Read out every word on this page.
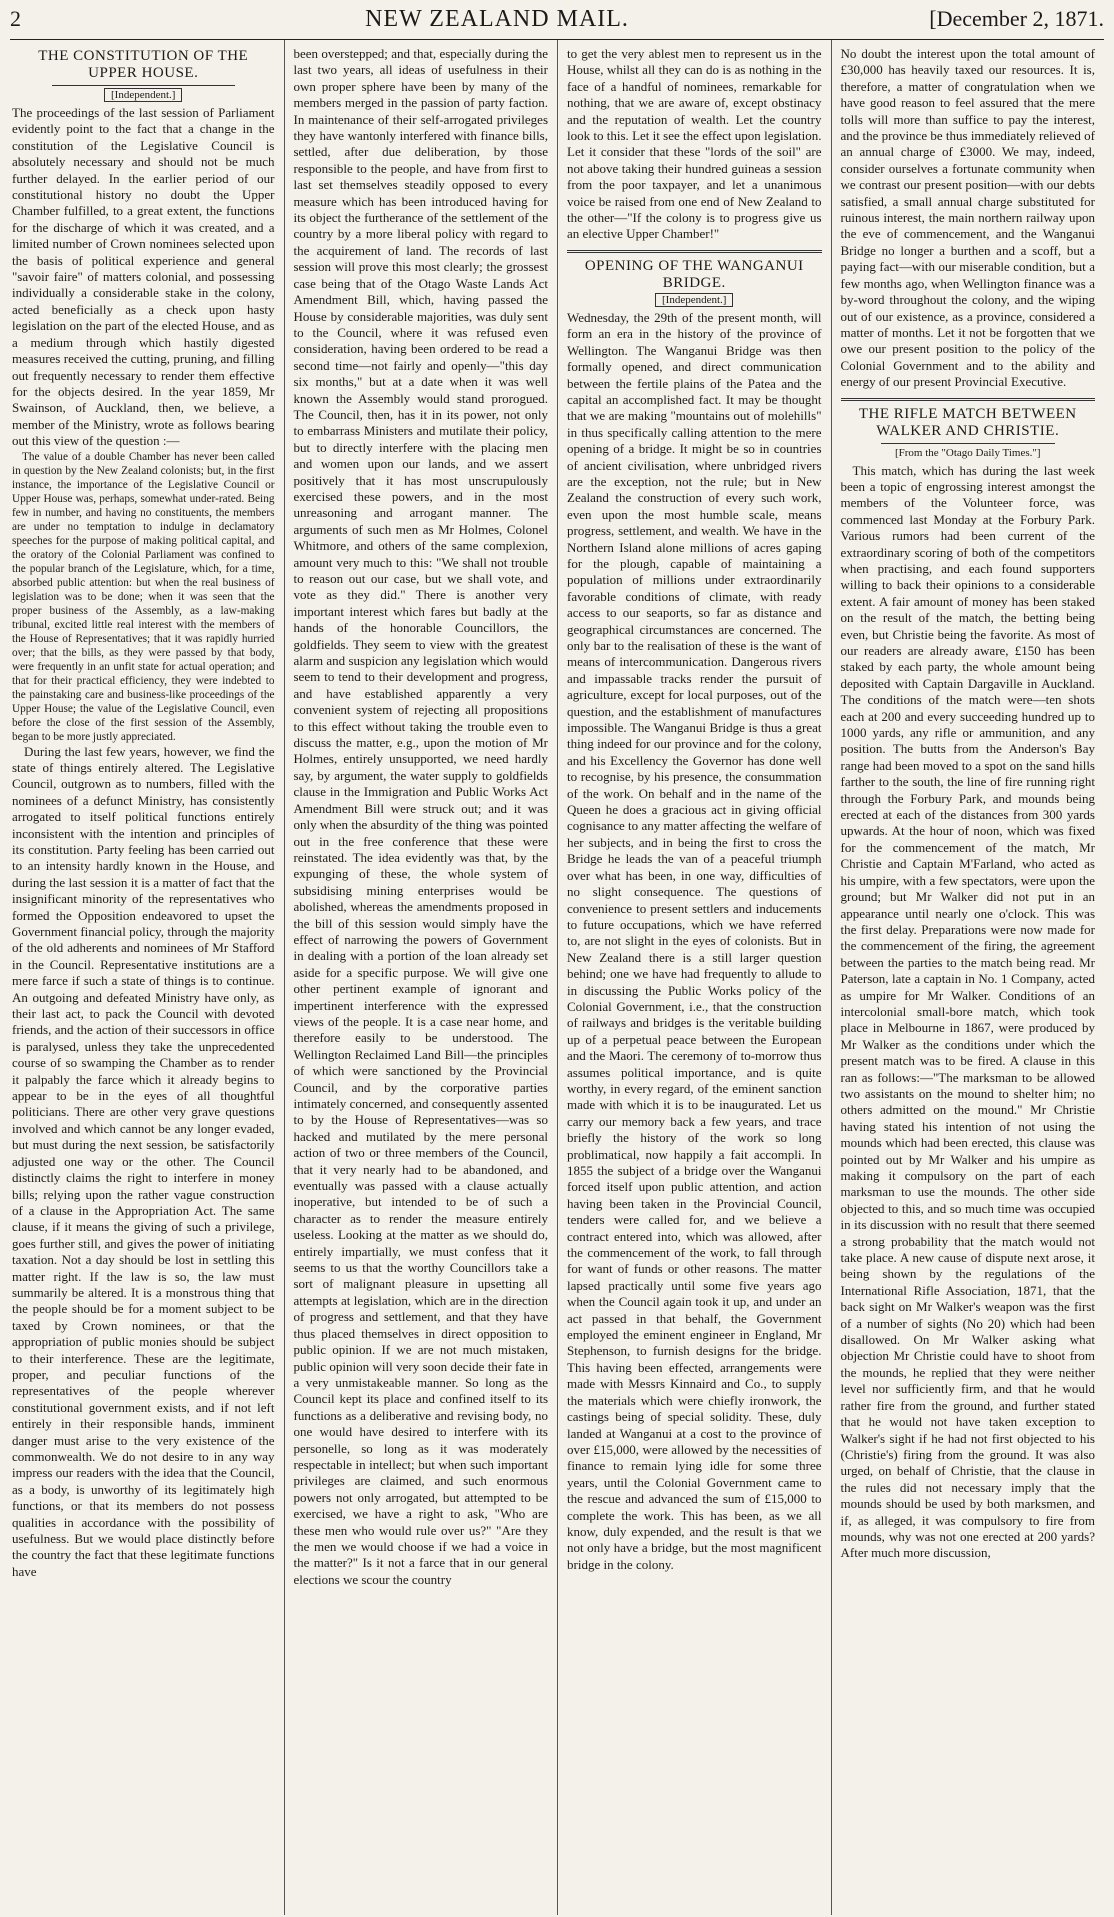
2	NEW ZEALAND MAIL.	[December 2, 1871.
THE CONSTITUTION OF THE UPPER HOUSE.
[Independent.]

The proceedings of the last session of Parliament evidently point to the fact that a change in the constitution of the Legislative Council is absolutely necessary and should not be much further delayed. In the earlier period of our constitutional history no doubt the Upper Chamber fulfilled, to a great extent, the functions for the discharge of which it was created, and a limited number of Crown nominees selected upon the basis of political experience and general "savoir faire" of matters colonial, and possessing individually a considerable stake in the colony, acted beneficially as a check upon hasty legislation on the part of the elected House, and as a medium through which hastily digested measures received the cutting, pruning, and filling out frequently necessary to render them effective for the objects desired. In the year 1859, Mr Swainson, of Auckland, then, we believe, a member of the Ministry, wrote as follows bearing out this view of the question :—

The value of a double Chamber has never been called in question by the New Zealand colonists; but, in the first instance, the importance of the Legislative Council or Upper House was, perhaps, somewhat under-rated. Being few in number, and having no constituents, the members are under no temptation to indulge in declamatory speeches for the purpose of making political capital, and the oratory of the Colonial Parliament was confined to the popular branch of the Legislature, which, for a time, absorbed public attention: but when the real business of legislation was to be done; when it was seen that the proper business of the Assembly, as a law-making tribunal, excited little real interest with the members of the House of Representatives; that it was rapidly hurried over; that the bills, as they were passed by that body, were frequently in an unfit state for actual operation; and that for their practical efficiency, they were indebted to the painstaking care and business-like proceedings of the Upper House; the value of the Legislative Council, even before the close of the first session of the Assembly, began to be more justly appreciated.

During the last few years, however, we find the state of things entirely altered. The Legislative Council, outgrown as to numbers, filled with the nominees of a defunct Ministry, has consistently arrogated to itself political functions entirely inconsistent with the intention and principles of its constitution. Party feeling has been carried out to an intensity hardly known in the House, and during the last session it is a matter of fact that the insignificant minority of the representatives who formed the Opposition endeavored to upset the Government financial policy, through the majority of the old adherents and nominees of Mr Stafford in the Council. Representative institutions are a mere farce if such a state of things is to continue. An outgoing and defeated Ministry have only, as their last act, to pack the Council with devoted friends, and the action of their successors in office is paralysed, unless they take the unprecedented course of so swamping the Chamber as to render it palpably the farce which it already begins to appear to be in the eyes of all thoughtful politicians. There are other very grave questions involved and which cannot be any longer evaded, but must during the next session, be satisfactorily adjusted one way or the other. The Council distinctly claims the right to interfere in money bills; relying upon the rather vague construction of a clause in the Appropriation Act. The same clause, if it means the giving of such a privilege, goes further still, and gives the power of initiating taxation. Not a day should be lost in settling this matter right. If the law is so, the law must summarily be altered. It is a monstrous thing that the people should be for a moment subject to be taxed by Crown nominees, or that the appropriation of public monies should be subject to their interference. These are the legitimate, proper, and peculiar functions of the representatives of the people wherever constitutional government exists, and if not left entirely in their responsible hands, imminent danger must arise to the very existence of the commonwealth. We do not desire to in any way impress our readers with the idea that the Council, as a body, is unworthy of its legitimately high functions, or that its members do not possess qualities in accordance with the possibility of usefulness. But we would place distinctly before the country the fact that these legitimate functions have

been overstepped; and that, especially during the last two years, all ideas of usefulness in their own proper sphere have been by many of the members merged in the passion of party faction. In maintenance of their self-arrogated privileges they have wantonly interfered with finance bills, settled, after due deliberation, by those responsible to the people, and have from first to last set themselves steadily opposed to every measure which has been introduced having for its object the furtherance of the settlement of the country by a more liberal policy with regard to the acquirement of land. The records of last session will prove this most clearly; the grossest case being that of the Otago Waste Lands Act Amendment Bill, which, having passed the House by considerable majorities, was duly sent to the Council, where it was refused even consideration, having been ordered to be read a second time—not fairly and openly—"this day six months," but at a date when it was well known the Assembly would stand prorogued. The Council, then, has it in its power, not only to embarrass Ministers and mutilate their policy, but to directly interfere with the placing men and women upon our lands, and we assert positively that it has most unscrupulously exercised these powers, and in the most unreasoning and arrogant manner. The arguments of such men as Mr Holmes, Colonel Whitmore, and others of the same complexion, amount very much to this: "We shall not trouble to reason out our case, but we shall vote, and vote as they did." There is another very important interest which fares but badly at the hands of the honorable Councillors, the goldfields. They seem to view with the greatest alarm and suspicion any legislation which would seem to tend to their development and progress, and have established apparently a very convenient system of rejecting all propositions to this effect without taking the trouble even to discuss the matter, e.g., upon the motion of Mr Holmes, entirely unsupported, we need hardly say, by argument, the water supply to goldfields clause in the Immigration and Public Works Act Amendment Bill were struck out; and it was only when the absurdity of the thing was pointed out in the free conference that these were reinstated. The idea evidently was that, by the expunging of these, the whole system of subsidising mining enterprises would be abolished, whereas the amendments proposed in the bill of this session would simply have the effect of narrowing the powers of Government in dealing with a portion of the loan already set aside for a specific purpose. We will give one other pertinent example of ignorant and impertinent interference with the expressed views of the people. It is a case near home, and therefore easily to be understood. The Wellington Reclaimed Land Bill—the principles of which were sanctioned by the Provincial Council, and by the corporative parties intimately concerned, and consequently assented to by the House of Representatives—was so hacked and mutilated by the mere personal action of two or three members of the Council, that it very nearly had to be abandoned, and eventually was passed with a clause actually inoperative, but intended to be of such a character as to render the measure entirely useless. Looking at the matter as we should do, entirely impartially, we must confess that it seems to us that the worthy Councillors take a sort of malignant pleasure in upsetting all attempts at legislation, which are in the direction of progress and settlement, and that they have thus placed themselves in direct opposition to public opinion. If we are not much mistaken, public opinion will very soon decide their fate in a very unmistakeable manner. So long as the Council kept its place and confined itself to its functions as a deliberative and revising body, no one would have desired to interfere with its personelle, so long as it was moderately respectable in intellect; but when such important privileges are claimed, and such enormous powers not only arrogated, but attempted to be exercised, we have a right to ask, "Who are these men who would rule over us?" "Are they the men we would choose if we had a voice in the matter?" Is it not a farce that in our general elections we scour the country

to get the very ablest men to represent us in the House, whilst all they can do is as nothing in the face of a handful of nominees, remarkable for nothing, that we are aware of, except obstinacy and the reputation of wealth. Let the country look to this. Let it see the effect upon legislation. Let it consider that these "lords of the soil" are not above taking their hundred guineas a session from the poor taxpayer, and let a unanimous voice be raised from one end of New Zealand to the other—"If the colony is to progress give us an elective Upper Chamber!"

OPENING OF THE WANGANUI BRIDGE.
[Independent.]

Wednesday, the 29th of the present month, will form an era in the history of the province of Wellington. The Wanganui Bridge was then formally opened, and direct communication between the fertile plains of the Patea and the capital an accomplished fact. It may be thought that we are making "mountains out of molehills" in thus specifically calling attention to the mere opening of a bridge. It might be so in countries of ancient civilisation, where unbridged rivers are the exception, not the rule; but in New Zealand the construction of every such work, even upon the most humble scale, means progress, settlement, and wealth. We have in the Northern Island alone millions of acres gaping for the plough, capable of maintaining a population of millions under extraordinarily favorable conditions of climate, with ready access to our seaports, so far as distance and geographical circumstances are concerned. The only bar to the realisation of these is the want of means of intercommunication. Dangerous rivers and impassable tracks render the pursuit of agriculture, except for local purposes, out of the question, and the establishment of manufactures impossible. The Wanganui Bridge is thus a great thing indeed for our province and for the colony, and his Excellency the Governor has done well to recognise, by his presence, the consummation of the work. On behalf and in the name of the Queen he does a gracious act in giving official cognisance to any matter affecting the welfare of her subjects, and in being the first to cross the Bridge he leads the van of a peaceful triumph over what has been, in one way, difficulties of no slight consequence. The questions of convenience to present settlers and inducements to future occupations, which we have referred to, are not slight in the eyes of colonists. But in New Zealand there is a still larger question behind; one we have had frequently to allude to in discussing the Public Works policy of the Colonial Government, i.e., that the construction of railways and bridges is the veritable building up of a perpetual peace between the European and the Maori. The ceremony of to-morrow thus assumes political importance, and is quite worthy, in every regard, of the eminent sanction made with which it is to be inaugurated. Let us carry our memory back a few years, and trace briefly the history of the work so long problimatical, now happily a fait accompli. In 1855 the subject of a bridge over the Wanganui forced itself upon public attention, and action having been taken in the Provincial Council, tenders were called for, and we believe a contract entered into, which was allowed, after the commencement of the work, to fall through for want of funds or other reasons. The matter lapsed practically until some five years ago when the Council again took it up, and under an act passed in that behalf, the Government employed the eminent engineer in England, Mr Stephenson, to furnish designs for the bridge. This having been effected, arrangements were made with Messrs Kinnaird and Co., to supply the materials which were chiefly ironwork, the castings being of special solidity. These, duly landed at Wanganui at a cost to the province of over £15,000, were allowed by the necessities of finance to remain lying idle for some three years, until the Colonial Government came to the rescue and advanced the sum of £15,000 to complete the work. This has been, as we all know, duly expended, and the result is that we not only have a bridge, but the most magnificent bridge in the colony.

No doubt the interest upon the total amount of £30,000 has heavily taxed our resources. It is, therefore, a matter of congratulation when we have good reason to feel assured that the mere tolls will more than suffice to pay the interest, and the province be thus immediately relieved of an annual charge of £3000. We may, indeed, consider ourselves a fortunate community when we contrast our present position—with our debts satisfied, a small annual charge substituted for ruinous interest, the main northern railway upon the eve of commencement, and the Wanganui Bridge no longer a burthen and a scoff, but a paying fact—with our miserable condition, but a few months ago, when Wellington finance was a by-word throughout the colony, and the wiping out of our existence, as a province, considered a matter of months. Let it not be forgotten that we owe our present position to the policy of the Colonial Government and to the ability and energy of our present Provincial Executive.

THE RIFLE MATCH BETWEEN WALKER AND CHRISTIE.
[From the "Otago Daily Times."]

This match, which has during the last week been a topic of engrossing interest amongst the members of the Volunteer force, was commenced last Monday at the Forbury Park. Various rumors had been current of the extraordinary scoring of both of the competitors when practising, and each found supporters willing to back their opinions to a considerable extent. A fair amount of money has been staked on the result of the match, the betting being even, but Christie being the favorite. As most of our readers are already aware, £150 has been staked by each party, the whole amount being deposited with Captain Dargaville in Auckland. The conditions of the match were—ten shots each at 200 and every succeeding hundred up to 1000 yards, any rifle or ammunition, and any position. The butts from the Anderson's Bay range had been moved to a spot on the sand hills farther to the south, the line of fire running right through the Forbury Park, and mounds being erected at each of the distances from 300 yards upwards. At the hour of noon, which was fixed for the commencement of the match, Mr Christie and Captain M'Farland, who acted as his umpire, with a few spectators, were upon the ground; but Mr Walker did not put in an appearance until nearly one o'clock. This was the first delay. Preparations were now made for the commencement of the firing, the agreement between the parties to the match being read. Mr Paterson, late a captain in No. 1 Company, acted as umpire for Mr Walker. Conditions of an intercolonial small-bore match, which took place in Melbourne in 1867, were produced by Mr Walker as the conditions under which the present match was to be fired. A clause in this ran as follows:—"The marksman to be allowed two assistants on the mound to shelter him; no others admitted on the mound." Mr Christie having stated his intention of not using the mounds which had been erected, this clause was pointed out by Mr Walker and his umpire as making it compulsory on the part of each marksman to use the mounds. The other side objected to this, and so much time was occupied in its discussion with no result that there seemed a strong probability that the match would not take place. A new cause of dispute next arose, it being shown by the regulations of the International Rifle Association, 1871, that the back sight on Mr Walker's weapon was the first of a number of sights (No 20) which had been disallowed. On Mr Walker asking what objection Mr Christie could have to shoot from the mounds, he replied that they were neither level nor sufficiently firm, and that he would rather fire from the ground, and further stated that he would not have taken exception to Walker's sight if he had not first objected to his (Christie's) firing from the ground. It was also urged, on behalf of Christie, that the clause in the rules did not necessary imply that the mounds should be used by both marksmen, and if, as alleged, it was compulsory to fire from mounds, why was not one erected at 200 yards? After much more discussion,
